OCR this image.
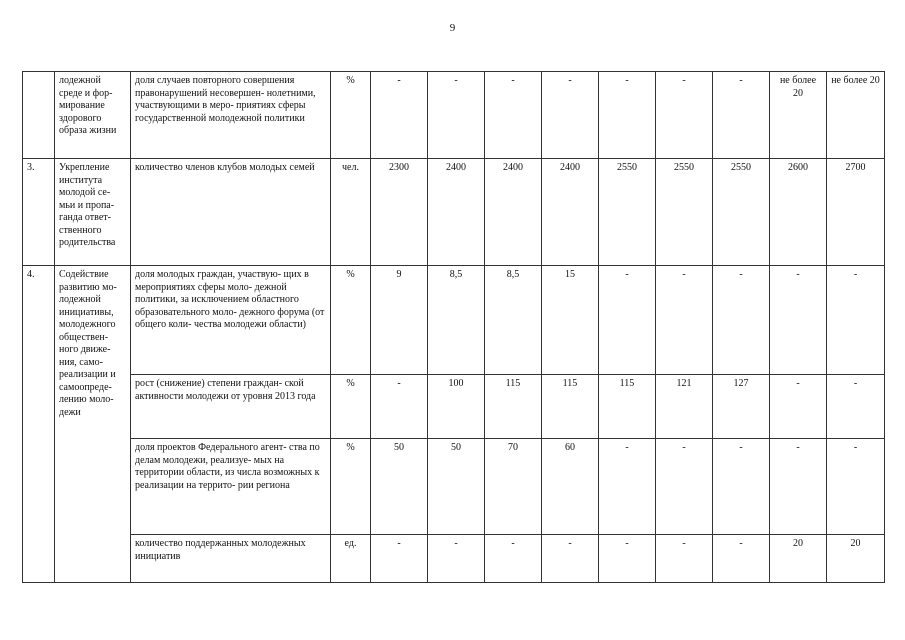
9
	лодежной среде и фор- мирование здорового образа жизни	доля случаев повторного совершения правонарушений несовершен- нолетними, участвующими в меро- приятиях сферы государственной молодежной политики	%	-	-	-	-	-	-	-	не более 20	не более 20
3.	Укрепление института молодой се- мьи и пропа- ганда ответ- ственного родительства	количество членов клубов молодых семей	чел.	2300	2400	2400	2400	2550	2550	2550	2600	2700
4.	Содействие развитию мо- лодежной инициативы, молодежного обществен- ного движе- ния, само- реализации и самоопреде- лению моло- дежи	доля молодых граждан, участвую- щих в мероприятиях сферы моло- дежной политики, за исключением областного образовательного моло- дежного форума (от общего коли- чества молодежи области)	%	9	8,5	8,5	15	-	-	-	-	-
		рост (снижение) степени граждан- ской активности молодежи от уровня 2013 года	%	-	100	115	115	115	121	127	-	-
		доля проектов Федерального агент- ства по делам молодежи, реализуе- мых на территории области, из числа возможных к реализации на террито- рии региона	%	50	50	70	60	-	-	-	-	-
		количество поддержанных молодежных инициатив	ед.	-	-	-	-	-	-	-	20	20
